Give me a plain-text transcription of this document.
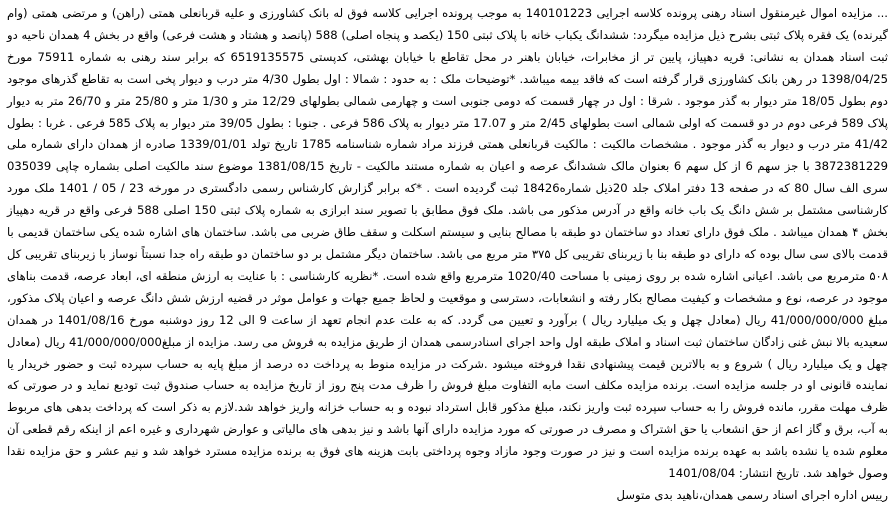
‫... مزایده اموال غیرمنقول اسناد رهنی پرونده کلاسه اجرایی 140101223 به موجب پرونده اجرایی کلاسه فوق له بانک کشاورزی و علیه قربانعلی همتی (راهن) و مرتضی همتی (وام گیرنده) یک فقره پلاک ثبتی بشرح ذیل مزایده میگردد: ششدانگ یکباب خانه با پلاک ثبتی 150 (یکصد و پنجاه اصلی) 588 (پانصد و هشتاد و هشت فرعی) واقع در بخش 4 همدان ناحیه دو ثبت اسناد همدان به نشانی: قریه دهپیاز، پایین تر از مخابرات، خیابان باهنر در محل تقاطع با خیابان بهشتی، کدپستی 6519135575 که برابر سند رهنی به شماره 75911 مورخ 1398/04/25 در رهن بانک کشاورزی قرار گرفته است که فاقد بیمه میباشد. *توضیحات ملک : به حدود : شمالا : اول بطول 4/30 متر درب و دیوار پخی است به تقاطع گذرهای موجود دوم بطول 18/05 متر دیوار به گذر موجود . شرقا : اول در چهار قسمت که دومی جنوبی است و چهارمی شمالی بطولهای 12/29 متر و 1/30 متر و 25/80 متر و 26/70 متر به دیوار پلاک 589 فرعی دوم در دو قسمت که اولی شمالی است بطولهای 2/45 متر و 17.07 متر دیوار به پلاک 586 فرعی . جنوبا : بطول 39/05 متر دیوار به پلاک 585 فرعی . غربا : بطول 41/42 متر درب و دیوار به گذر موجود . مشخصات مالکیت : مالکیت قربانعلی همتی فرزند مراد شماره شناسنامه 1785 تاریخ تولد 1339/01/01 صادره از همدان دارای شماره ملی 3872381229 با جز سهم 6 از کل سهم 6 بعنوان مالک ششدانگ عرصه و اعیان به شماره مستند مالکیت - تاریخ 1381/08/15 موضوع سند مالکیت اصلی بشماره چاپی 035039 سری الف سال 80 که در صفحه 13 دفتر املاک جلد 20ذیل شماره18426 ثبت گردیده است . *که برابر گزارش کارشناس رسمی دادگستری در مورخه 23 / 05 / 1401 ملک مورد کارشناسی مشتمل بر شش دانگ یک باب خانه واقع در آدرس مذکور می باشد. ملک فوق مطابق با تصویر سند ابرازی به شماره پلاک ثبتی 150 اصلی 588 فرعی واقع در قریه دهپیاز بخش ۴ همدان میباشد . ملک فوق دارای تعداد دو ساختمان دو طبقه با مصالح بنایی و سیستم اسکلت و سقف طاق ضربی می باشد. ساختمان های اشاره شده یکی ساختمان قدیمی با قدمت بالای سی سال بوده که دارای دو طبقه بنا با زیربنای تقریبی کل ۳۷۵ متر مربع می باشد. ساختمان دیگر مشتمل بر دو ساختمان دو طبقه راه جدا نسبتاً نوساز با زیربنای تقریبی کل ۵۰۸ مترمربع می باشد. اعیانی اشاره شده بر روی زمینی با مساحت 1020/40 مترمربع واقع شده است. *نظریه کارشناسی : با عنایت به ارزش منطقه ای، ابعاد عرصه، قدمت بناهای موجود در عرصه، نوع و مشخصات و کیفیت مصالح بکار رفته و انشعابات، دسترسی و موقعیت و لحاظ جمیع جهات و عوامل موثر در قضیه ارزش شش دانگ عرصه و اعیان پلاک مذکور، مبلغ 41/000/000/000 ریال (معادل چهل و یک میلیارد ریال ) برآورد و تعیین می گردد. که به علت عدم انجام تعهد از ساعت 9 الی 12 روز دوشنبه مورخ 1401/08/16 در همدان سعیدیه بالا نبش غنی زادگان ساختمان ثبت اسناد و املاک طبقه اول واحد اجرای اسنادرسمی همدان از طریق مزایده به فروش می رسد. مزایده از مبلغ41/000/000/000 ریال (معادل چهل و یک میلیارد ریال ) شروع و به بالاترین قیمت پیشنهادی نقدا فروخته میشود .شرکت در مزایده منوط به پرداخت ده درصد از مبلغ پایه به حساب سپرده ثبت و حضور خریدار یا نماینده قانونی او در جلسه مزایده است. برنده مزایده مکلف است مابه التفاوت مبلغ فروش را ظرف مدت پنج روز از تاریخ مزایده به حساب صندوق ثبت تودیع نماید و در صورتی که ظرف مهلت مقرر، مانده فروش را به حساب سپرده ثبت واریز نکند، مبلغ مذکور قابل استرداد نبوده و به حساب خزانه واریز خواهد شد.لازم به ذکر است که پرداخت بدهی های مربوط به آب، برق و گاز اعم از حق انشعاب یا حق اشتراک و مصرف در صورتی که مورد مزایده دارای آنها باشد و نیز بدهی های مالیاتی و عوارض شهرداری و غیره اعم از اینکه رقم قطعی آن معلوم شده یا نشده باشد به عهده برنده مزایده است و نیز در صورت وجود مازاد وجوه پرداختی بابت هزینه های فوق به برنده مزایده مسترد خواهد شد و نیم عشر و حق مزایده نقدا وصول خواهد شد. تاریخ انتشار: 1401/08/04‬

‫رییس اداره اجرای اسناد رسمی همدان،ناهید بدی متوسل‬
